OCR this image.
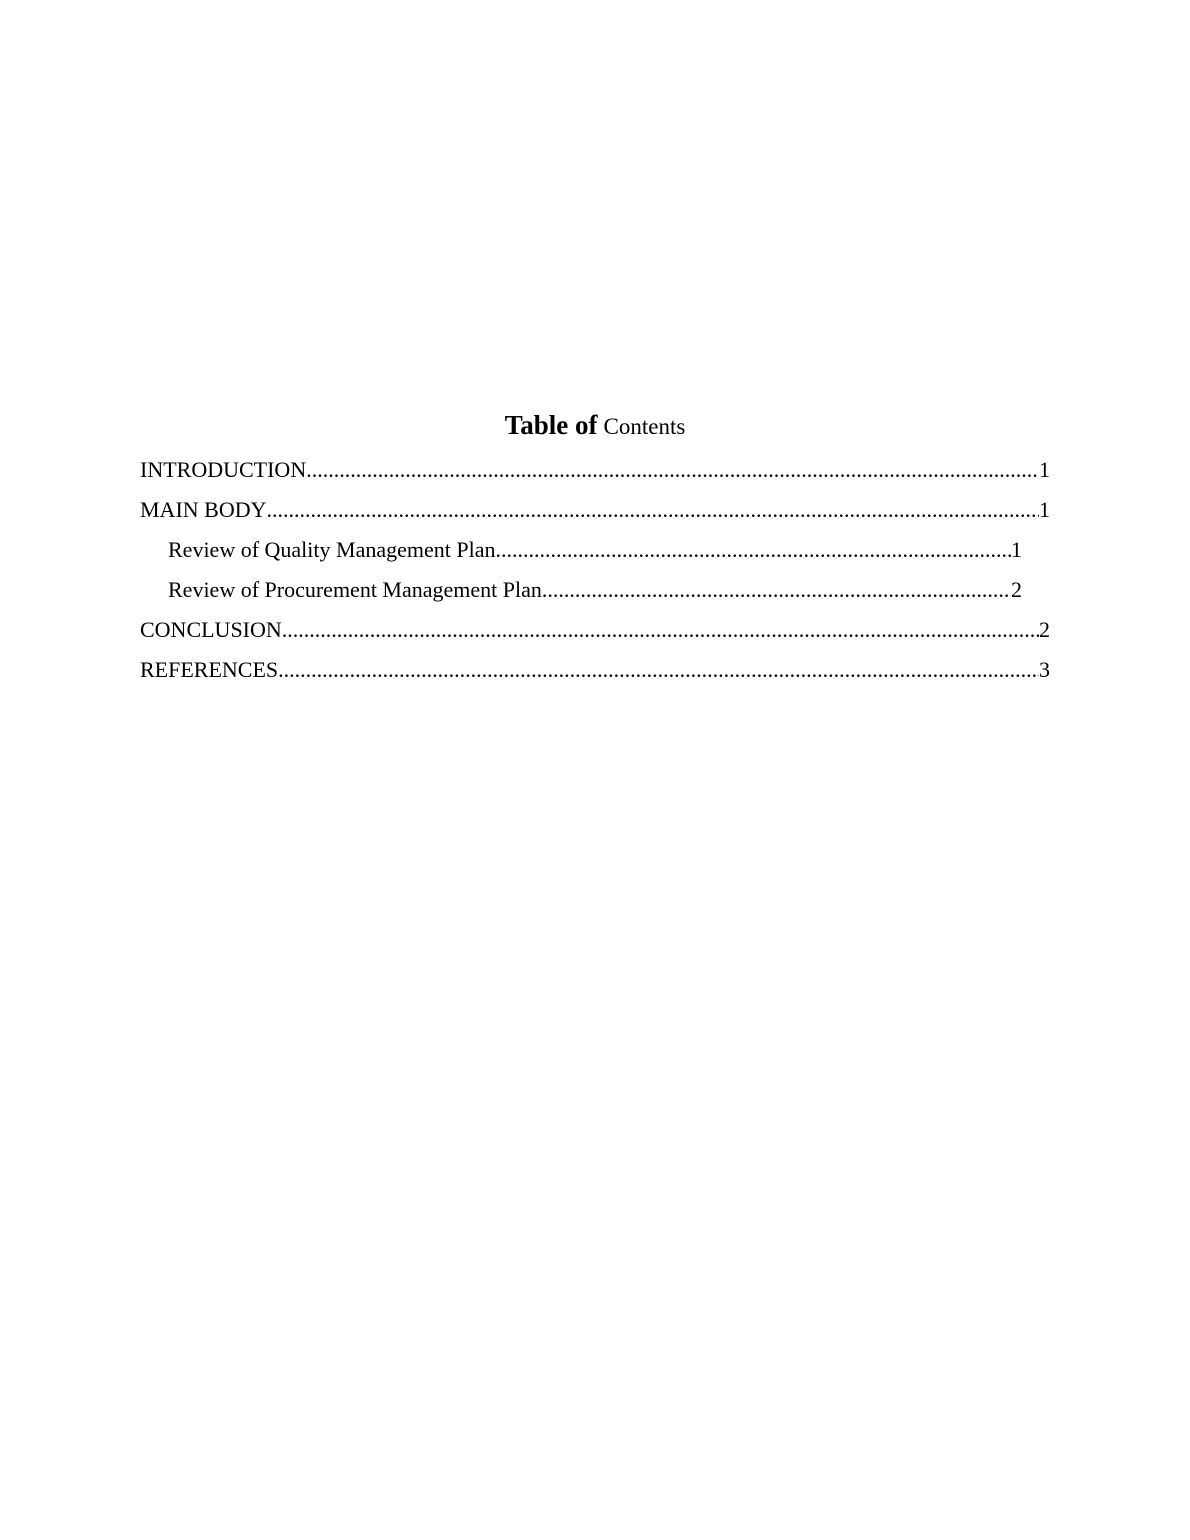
Table of Contents
INTRODUCTION .....	1
MAIN BODY .....	1
Review of Quality Management Plan .....	1
Review of Procurement Management Plan .....	2
CONCLUSION .....	2
REFERENCES .....	3
